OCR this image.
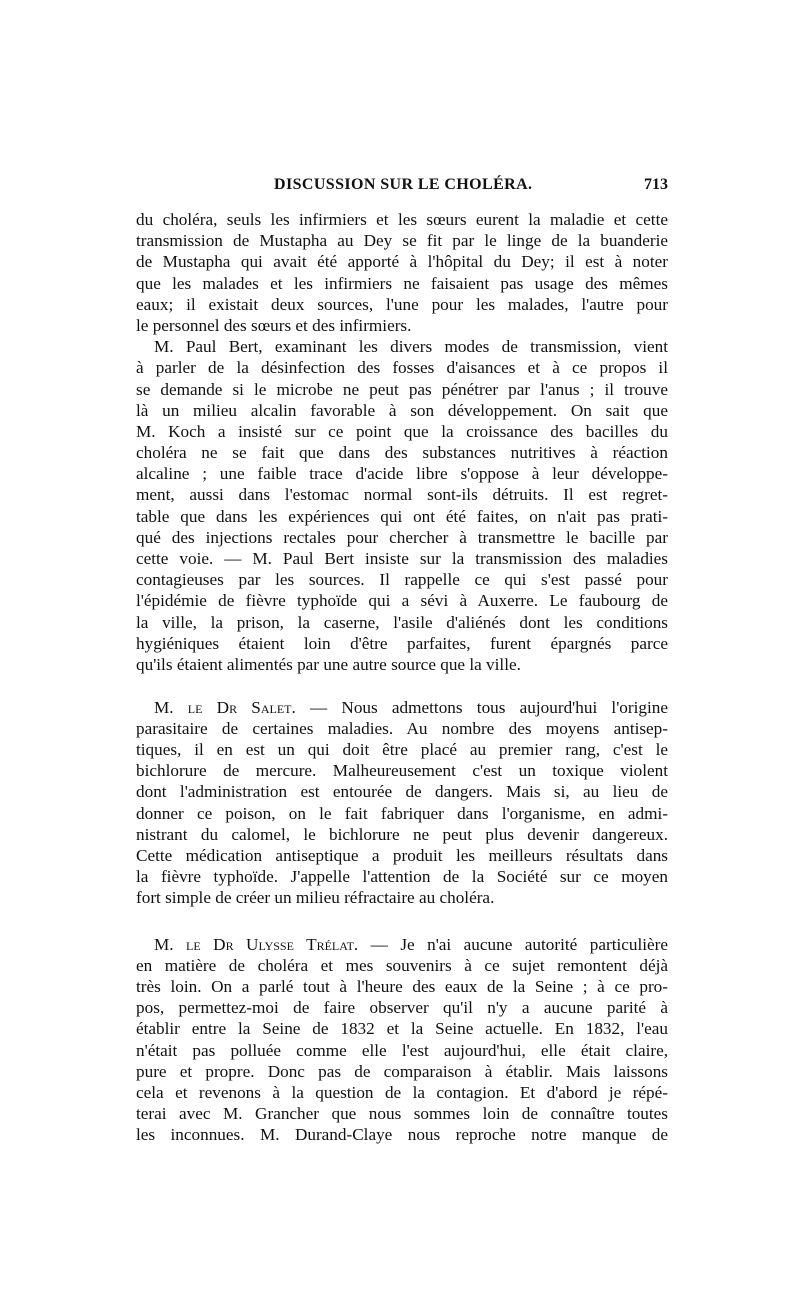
DISCUSSION SUR LE CHOLÉRA.	713
du choléra, seuls les infirmiers et les sœurs eurent la maladie et cette
transmission de Mustapha au Dey se fit par le linge de la buanderie
de Mustapha qui avait été apporté à l'hôpital du Dey; il est à noter
que les malades et les infirmiers ne faisaient pas usage des mêmes
eaux; il existait deux sources, l'une pour les malades, l'autre pour
le personnel des sœurs et des infirmiers.
M. Paul Bert, examinant les divers modes de transmission, vient
à parler de la désinfection des fosses d'aisances et à ce propos il
se demande si le microbe ne peut pas pénétrer par l'anus ; il trouve
là un milieu alcalin favorable à son développement. On sait que
M. Koch a insisté sur ce point que la croissance des bacilles du
choléra ne se fait que dans des substances nutritives à réaction
alcaline ; une faible trace d'acide libre s'oppose à leur développe-
ment, aussi dans l'estomac normal sont-ils détruits. Il est regret-
table que dans les expériences qui ont été faites, on n'ait pas prati-
qué des injections rectales pour chercher à transmettre le bacille par
cette voie. — M. Paul Bert insiste sur la transmission des maladies
contagieuses par les sources. Il rappelle ce qui s'est passé pour
l'épidémie de fièvre typhoïde qui a sévi à Auxerre. Le faubourg de
la ville, la prison, la caserne, l'asile d'aliénés dont les conditions
hygiéniques étaient loin d'être parfaites, furent épargnés parce
qu'ils étaient alimentés par une autre source que la ville.
M. le Dr Salet. — Nous admettons tous aujourd'hui l'origine
parasitaire de certaines maladies. Au nombre des moyens antisep-
tiques, il en est un qui doit être placé au premier rang, c'est le
bichlorure de mercure. Malheureusement c'est un toxique violent
dont l'administration est entourée de dangers. Mais si, au lieu de
donner ce poison, on le fait fabriquer dans l'organisme, en admi-
nistrant du calomel, le bichlorure ne peut plus devenir dangereux.
Cette médication antiseptique a produit les meilleurs résultats dans
la fièvre typhoïde. J'appelle l'attention de la Société sur ce moyen
fort simple de créer un milieu réfractaire au choléra.
M. le Dr Ulysse Trélat. — Je n'ai aucune autorité particulière
en matière de choléra et mes souvenirs à ce sujet remontent déjà
très loin. On a parlé tout à l'heure des eaux de la Seine ; à ce pro-
pos, permettez-moi de faire observer qu'il n'y a aucune parité à
établir entre la Seine de 1832 et la Seine actuelle. En 1832, l'eau
n'était pas polluée comme elle l'est aujourd'hui, elle était claire,
pure et propre. Donc pas de comparaison à établir. Mais laissons
cela et revenons à la question de la contagion. Et d'abord je répé-
terai avec M. Grancher que nous sommes loin de connaître toutes
les inconnues. M. Durand-Claye nous reproche notre manque de
